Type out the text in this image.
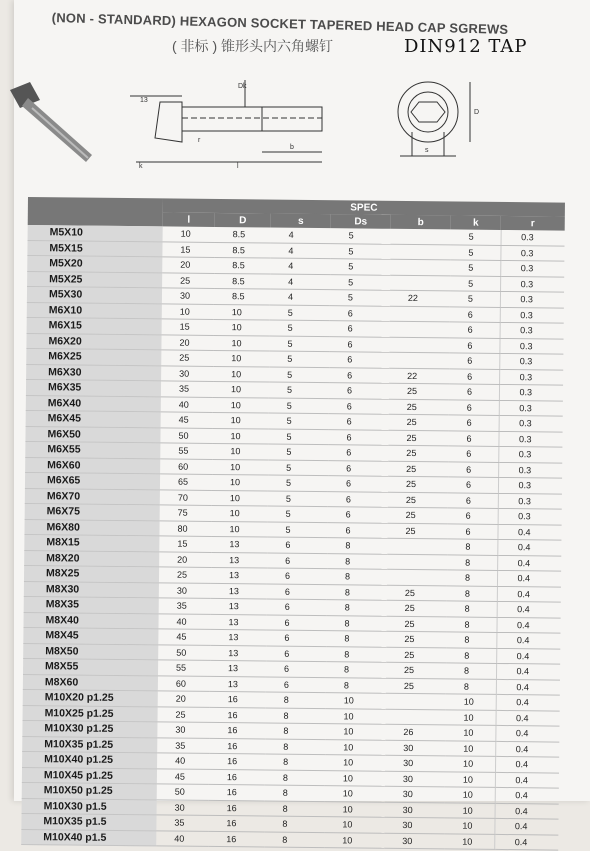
(NON - STANDARD) HEXAGON SOCKET TAPERED HEAD CAP SGREWS
( 非标 ) 锥形头内六角螺钉	DIN912 TAP
13
Dk
k	l
b
r
D
s
	SPEC						
	l	D	s	Ds	b	k	r
M5X10	10	8.5	4	5		5	0.3
M5X15	15	8.5	4	5		5	0.3
M5X20	20	8.5	4	5		5	0.3
M5X25	25	8.5	4	5		5	0.3
M5X30	30	8.5	4	5	22	5	0.3
M6X10	10	10	5	6		6	0.3
M6X15	15	10	5	6		6	0.3
M6X20	20	10	5	6		6	0.3
M6X25	25	10	5	6		6	0.3
M6X30	30	10	5	6	22	6	0.3
M6X35	35	10	5	6	25	6	0.3
M6X40	40	10	5	6	25	6	0.3
M6X45	45	10	5	6	25	6	0.3
M6X50	50	10	5	6	25	6	0.3
M6X55	55	10	5	6	25	6	0.3
M6X60	60	10	5	6	25	6	0.3
M6X65	65	10	5	6	25	6	0.3
M6X70	70	10	5	6	25	6	0.3
M6X75	75	10	5	6	25	6	0.3
M6X80	80	10	5	6	25	6	0.4
M8X15	15	13	6	8		8	0.4
M8X20	20	13	6	8		8	0.4
M8X25	25	13	6	8		8	0.4
M8X30	30	13	6	8	25	8	0.4
M8X35	35	13	6	8	25	8	0.4
M8X40	40	13	6	8	25	8	0.4
M8X45	45	13	6	8	25	8	0.4
M8X50	50	13	6	8	25	8	0.4
M8X55	55	13	6	8	25	8	0.4
M8X60	60	13	6	8	25	8	0.4
M10X20 p1.25	20	16	8	10		10	0.4
M10X25 p1.25	25	16	8	10		10	0.4
M10X30 p1.25	30	16	8	10	26	10	0.4
M10X35 p1.25	35	16	8	10	30	10	0.4
M10X40 p1.25	40	16	8	10	30	10	0.4
M10X45 p1.25	45	16	8	10	30	10	0.4
M10X50 p1.25	50	16	8	10	30	10	0.4
M10X30 p1.5	30	16	8	10	30	10	0.4
M10X35 p1.5	35	16	8	10	30	10	0.4
M10X40 p1.5	40	16	8	10	30	10	0.4
